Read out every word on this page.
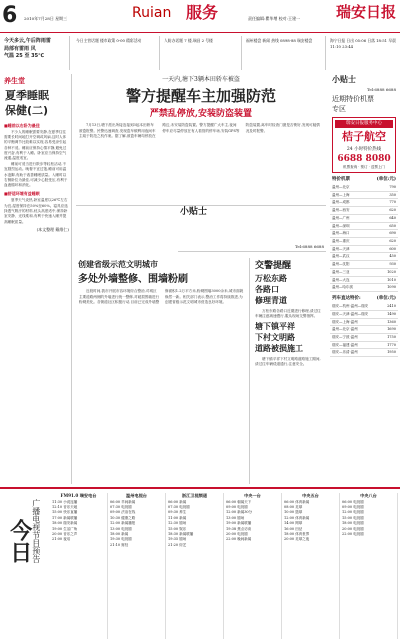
6 2010年7月28日 星期三	Ruian 服务	责任编辑:瞿华增 校对:王建一 瑞安日报
今天多云,午后阵雨雷
局部有雷雨 风
气温 25 至 35℃
今日主营话题 楼市政策 0-00 精彩活动	人防办话题 7 楼,瑞昌 2 号楼	福州楼盘 新闻 热线 0898-88 瑞安楼盘	海宁日报 日出 05:06 日落 18:51 早晨 11:10 23:44
养生堂
夏季睡眠
保健(二)
■睡前以右卧为最佳

不少人的睡眠需要安静,在夏季往往需要长时间地打开空调或风扇,这时人体的平衡调节比较难以实现,容易受凉引起各种不适。睡前应保持心情平静,避免过度兴奋,有利于入睡。卧室应当保持空气流通,温度适宜。

睡前可适当进行散步等轻松活动,不宜剧烈运动。晚餐不宜过饱,睡前可用温水泡脚,有助于改善睡眠质量。入睡时以右侧卧位为最佳,可减少心脏受压,有利于血液循环和消化。

■舒适环境有益睡眠

夏季天气炎热,卧室温度以26℃左右为宜,湿度保持在50%至60%。寝具应选择透气吸汗的材料,枕头高度适中,保持卧室安静、光线柔和,有利于快速入睡并提高睡眠质量。

(本文整理 戴维仁)
一天内,塘下3辆本田轿车被盗
警方提醒车主加强防范
严禁乱停放,安装防盗装置

7月13日,塘下派出所接连接到3起本田轿车被盗报警。民警迅速调查,发现盗车贼利用夜间车主疏于防范之机作案。据了解,被盗车辆均停放在路边,未安装防盗装置。警方提醒广大车主,夜间停车应尽量停放在有人看管的停车场,安装GPS等防盗装置,离车时检查门窗是否锁好,发现可疑情况及时报警。

小贴士
Tel:6888 6688
创建省级示范文明城市
多处外墙整修、围墙粉刷

近段时间,我市开展市容环境综合整治,对城区主要道路两侧的外墙进行统一整修,对破损围墙进行粉刷美化。各街道社区积极行动,目前已完成外墙整修面积1.2万平方米,粉刷围墙3000余米,城市面貌焕然一新。相关部门表示,整治工作将持续推进,为创建省级示范文明城市营造良好环境。

交警提醒
万松东路
各路口
修理青道

万松东路各路口近期进行修理,请过往车辆注意减速慢行,服从现场交警指挥。

塘下镇平祥
下村文明路
道路被损施工

塘下镇平祥下村文明路道路施工期间,请过往车辆绕道通行,注意安全。

小贴士
Tel:6888 6688
近期特价机票
专区
瑞安日报服务中心
桔子航空
24 小时特价热线
6688 8080
机票查询 · 预订 · 送票上门
特价机票	(单位:元)
温州—北京	790
温州—上海	350
温州—成都	770
温州—西安	620
温州—广州	640
温州—深圳	650
温州—海口	690
温州—重庆	620
温州—天津	600
温州—武汉	450
温州—沈阳	930
温州—三亚	1020
温州—大连	1010
温州—哈尔滨	1090
列车直达特价:	(单位:元)
瑞安—杭州·温州—瑞安	2410
瑞安—天津·温州—瑞安	1490
瑞安—上海·温州	1360
温州—北京·温州	1690
瑞安—宁波·温州	1750
瑞安—福建·温州	1770
瑞安—乐清·温州	1950
今日 广播电视节目预告
FM91.0 瑞安电台
11:30 小说连播
12:10 音乐天地
15:00 快乐直播
17:00 新闻联播
18:00 瑞安新闻
19:00 生活广角
20:00 音乐之声
21:00 夜话
温州电视台
06:00 早间新闻
07:30 电视剧
09:00 法治在线
10:30 健康之路
12:00 新闻播报
13:00 电视剧
18:00 新闻
19:30 电视剧
21:10 财经
浙江卫视频道
06:00 新闻
07:30 电视剧
09:30 养生
11:00 新闻
12:30 剧场
15:00 娱乐
18:30 新闻联播
19:35 剧场
21:20 综艺
中央一台
06:00 朝闻天下
09:00 电视剧
12:00 新闻30分
13:00 剧场
19:00 新闻联播
19:38 焦点访谈
20:00 电视剧
22:00 晚间新闻
中央五台
06:00 体育新闻
08:00 足球
10:00 篮球
12:00 体育新闻
14:00 网球
16:00 田径
18:00 体育世界
20:00 足球之夜
中央八台
06:00 电视剧
09:00 电视剧
12:00 电视剧
15:00 电视剧
18:00 电视剧
20:00 电视剧
22:00 电视剧
